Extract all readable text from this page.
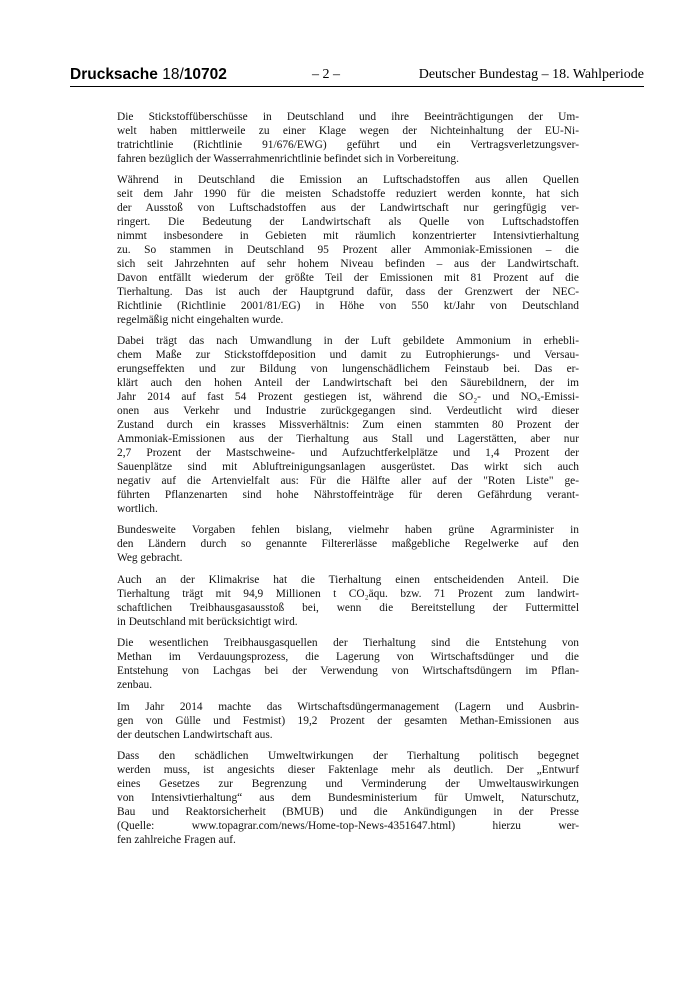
Drucksache 18/10702	– 2 –	Deutscher Bundestag – 18. Wahlperiode
Die Stickstoffüberschüsse in Deutschland und ihre Beeinträchtigungen der Um-
welt haben mittlerweile zu einer Klage wegen der Nichteinhaltung der EU-Ni-
tratrichtlinie (Richtlinie 91/676/EWG) geführt und ein Vertragsverletzungsver-
fahren bezüglich der Wasserrahmenrichtlinie befindet sich in Vorbereitung.
Während in Deutschland die Emission an Luftschadstoffen aus allen Quellen
seit dem Jahr 1990 für die meisten Schadstoffe reduziert werden konnte, hat sich
der Ausstoß von Luftschadstoffen aus der Landwirtschaft nur geringfügig ver-
ringert. Die Bedeutung der Landwirtschaft als Quelle von Luftschadstoffen
nimmt insbesondere in Gebieten mit räumlich konzentrierter Intensivtierhaltung
zu. So stammen in Deutschland 95 Prozent aller Ammoniak-Emissionen – die
sich seit Jahrzehnten auf sehr hohem Niveau befinden – aus der Landwirtschaft.
Davon entfällt wiederum der größte Teil der Emissionen mit 81 Prozent auf die
Tierhaltung. Das ist auch der Hauptgrund dafür, dass der Grenzwert der NEC-
Richtlinie (Richtlinie 2001/81/EG) in Höhe von 550 kt/Jahr von Deutschland
regelmäßig nicht eingehalten wurde.
Dabei trägt das nach Umwandlung in der Luft gebildete Ammonium in erhebli-
chem Maße zur Stickstoffdeposition und damit zu Eutrophierungs- und Versau-
erungseffekten und zur Bildung von lungenschädlichem Feinstaub bei. Das er-
klärt auch den hohen Anteil der Landwirtschaft bei den Säurebildnern, der im
Jahr 2014 auf fast 54 Prozent gestiegen ist, während die SO₂- und NOₓ-Emissi-
onen aus Verkehr und Industrie zurückgegangen sind. Verdeutlicht wird dieser
Zustand durch ein krasses Missverhältnis: Zum einen stammten 80 Prozent der
Ammoniak-Emissionen aus der Tierhaltung aus Stall und Lagerstätten, aber nur
2,7 Prozent der Mastschweine- und Aufzuchtferkelplätze und 1,4 Prozent der
Sauenplätze sind mit Abluftreinigungsanlagen ausgerüstet. Das wirkt sich auch
negativ auf die Artenvielfalt aus: Für die Hälfte aller auf der "Roten Liste" ge-
führten Pflanzenarten sind hohe Nährstoffeinträge für deren Gefährdung verant-
wortlich.
Bundesweite Vorgaben fehlen bislang, vielmehr haben grüne Agrarminister in
den Ländern durch so genannte Filtererlässe maßgebliche Regelwerke auf den
Weg gebracht.
Auch an der Klimakrise hat die Tierhaltung einen entscheidenden Anteil. Die
Tierhaltung trägt mit 94,9 Millionen t CO₂äqu. bzw. 71 Prozent zum landwirt-
schaftlichen Treibhausgasausstoß bei, wenn die Bereitstellung der Futtermittel
in Deutschland mit berücksichtigt wird.
Die wesentlichen Treibhausgasquellen der Tierhaltung sind die Entstehung von
Methan im Verdauungsprozess, die Lagerung von Wirtschaftsdünger und die
Entstehung von Lachgas bei der Verwendung von Wirtschaftsdüngern im Pflan-
zenbau.
Im Jahr 2014 machte das Wirtschaftsdüngermanagement (Lagern und Ausbrin-
gen von Gülle und Festmist) 19,2 Prozent der gesamten Methan-Emissionen aus
der deutschen Landwirtschaft aus.
Dass den schädlichen Umweltwirkungen der Tierhaltung politisch begegnet
werden muss, ist angesichts dieser Faktenlage mehr als deutlich. Der „Entwurf
eines Gesetzes zur Begrenzung und Verminderung der Umweltauswirkungen
von Intensivtierhaltung“ aus dem Bundesministerium für Umwelt, Naturschutz,
Bau und Reaktorsicherheit (BMUB) und die Ankündigungen in der Presse
(Quelle: www.topagrar.com/news/Home-top-News-4351647.html) hierzu wer-
fen zahlreiche Fragen auf.
